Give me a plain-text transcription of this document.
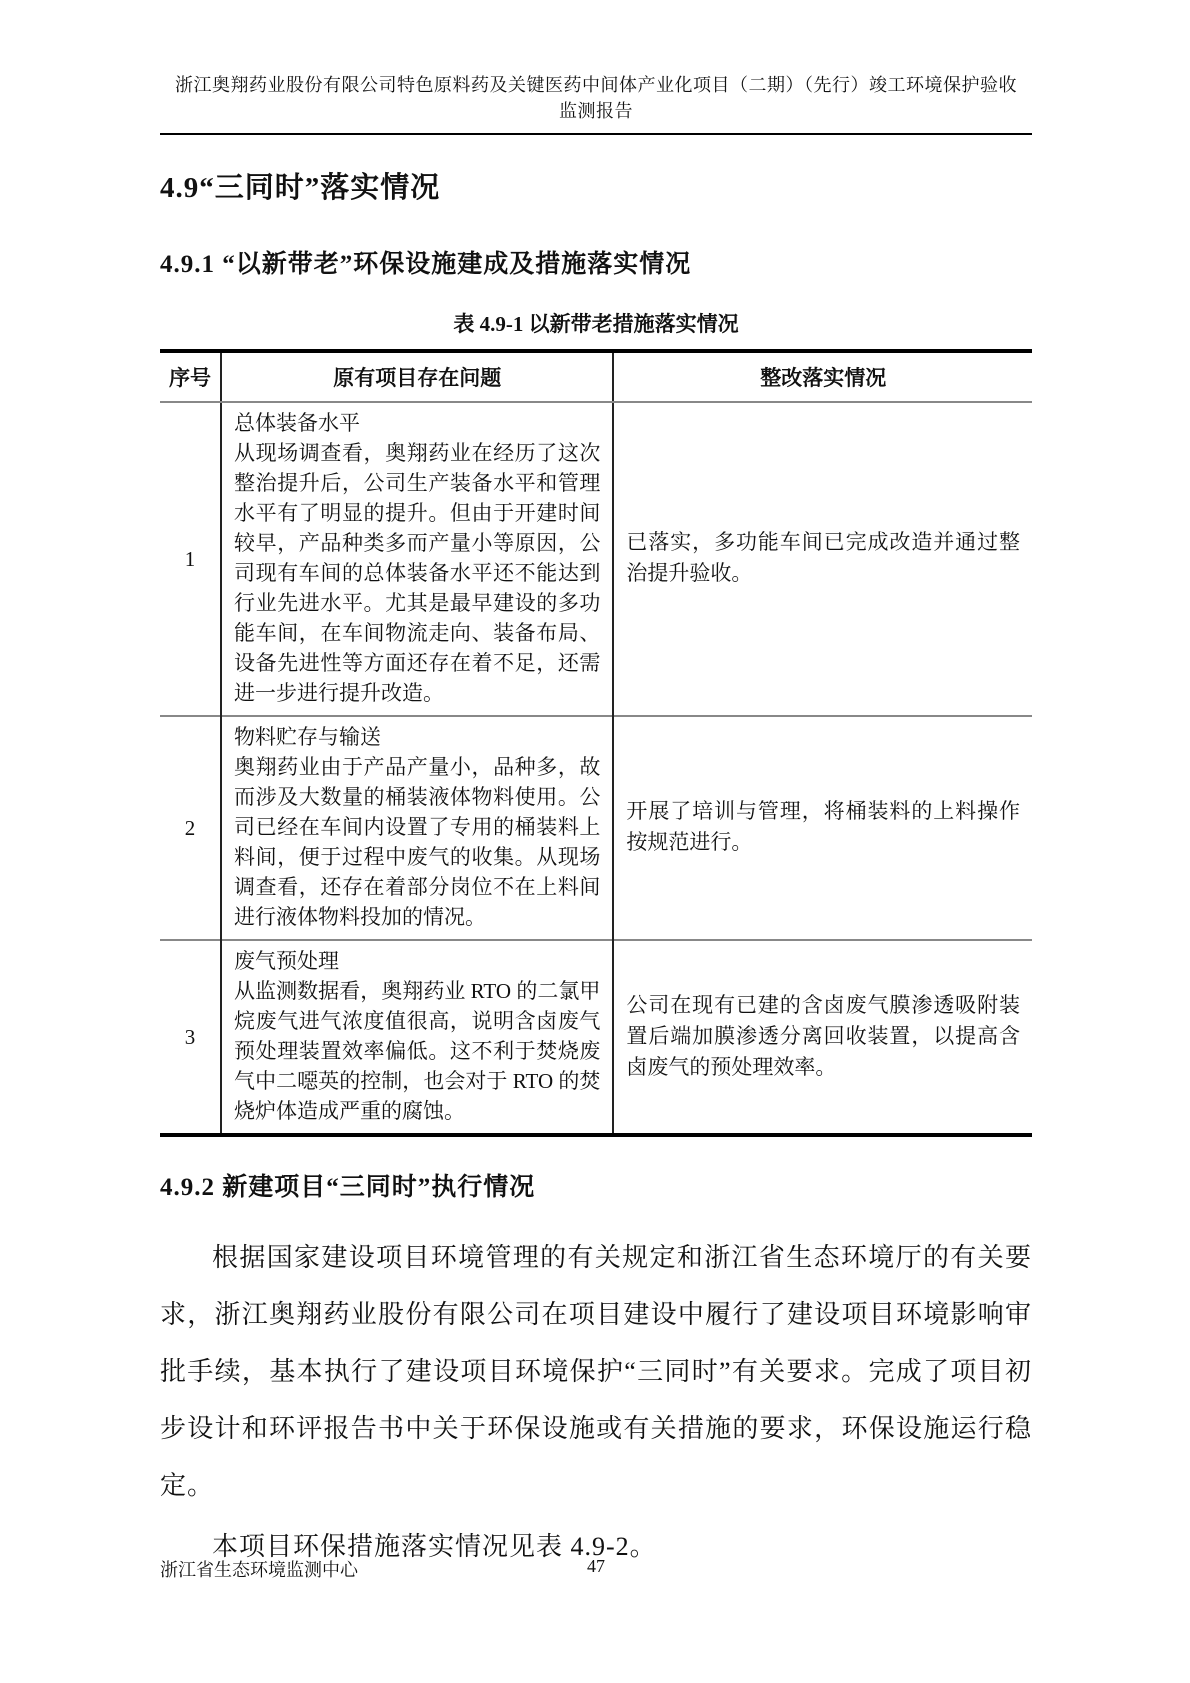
浙江奥翔药业股份有限公司特色原料药及关键医药中间体产业化项目（二期）（先行）竣工环境保护验收
监测报告
4.9“三同时”落实情况
4.9.1 “以新带老”环保设施建成及措施落实情况
表 4.9-1 以新带老措施落实情况
序号	原有项目存在问题	整改落实情况
1	总体装备水平
从现场调查看，奥翔药业在经历了这次整治提升后，公司生产装备水平和管理水平有了明显的提升。但由于开建时间较早，产品种类多而产量小等原因，公司现有车间的总体装备水平还不能达到行业先进水平。尤其是最早建设的多功能车间，在车间物流走向、装备布局、设备先进性等方面还存在着不足，还需进一步进行提升改造。	已落实，多功能车间已完成改造并通过整治提升验收。
2	物料贮存与输送
奥翔药业由于产品产量小，品种多，故而涉及大数量的桶装液体物料使用。公司已经在车间内设置了专用的桶装料上料间，便于过程中废气的收集。从现场调查看，还存在着部分岗位不在上料间进行液体物料投加的情况。	开展了培训与管理，将桶装料的上料操作按规范进行。
3	废气预处理
从监测数据看，奥翔药业 RTO 的二氯甲烷废气进气浓度值很高，说明含卤废气预处理装置效率偏低。这不利于焚烧废气中二噁英的控制，也会对于 RTO 的焚烧炉体造成严重的腐蚀。	公司在现有已建的含卤废气膜渗透吸附装置后端加膜渗透分离回收装置，以提高含卤废气的预处理效率。
4.9.2 新建项目“三同时”执行情况

根据国家建设项目环境管理的有关规定和浙江省生态环境厅的有关要求，浙江奥翔药业股份有限公司在项目建设中履行了建设项目环境影响审批手续，基本执行了建设项目环境保护“三同时”有关要求。完成了项目初步设计和环评报告书中关于环保设施或有关措施的要求，环保设施运行稳定。

本项目环保措施落实情况见表 4.9-2。

浙江省生态环境监测中心	47
